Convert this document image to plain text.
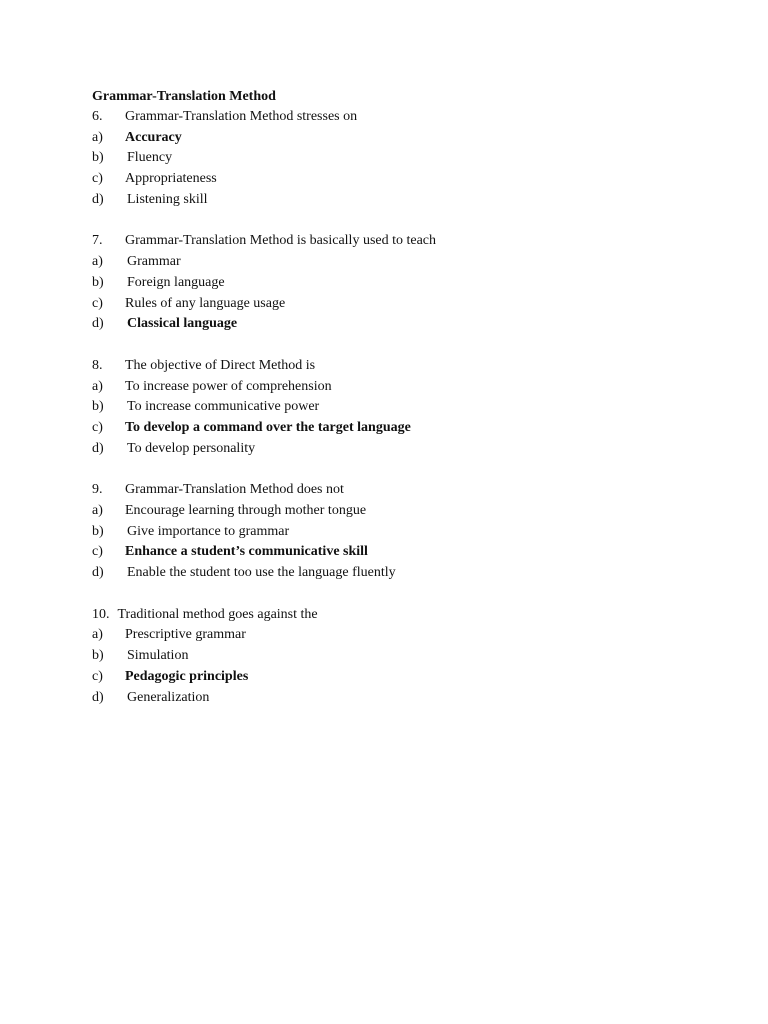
Grammar-Translation Method
6. Grammar-Translation Method stresses on
a) Accuracy
b) Fluency
c) Appropriateness
d) Listening skill
7. Grammar-Translation Method is basically used to teach
a) Grammar
b) Foreign language
c) Rules of any language usage
d) Classical language
8. The objective of Direct Method is
a) To increase power of comprehension
b) To increase communicative power
c) To develop a command over the target language
d) To develop personality
9. Grammar-Translation Method does not
a) Encourage learning through mother tongue
b) Give importance to grammar
c) Enhance a student’s communicative skill
d) Enable the student too use the language fluently
10. Traditional method goes against the
a) Prescriptive grammar
b) Simulation
c) Pedagogic principles
d) Generalization
